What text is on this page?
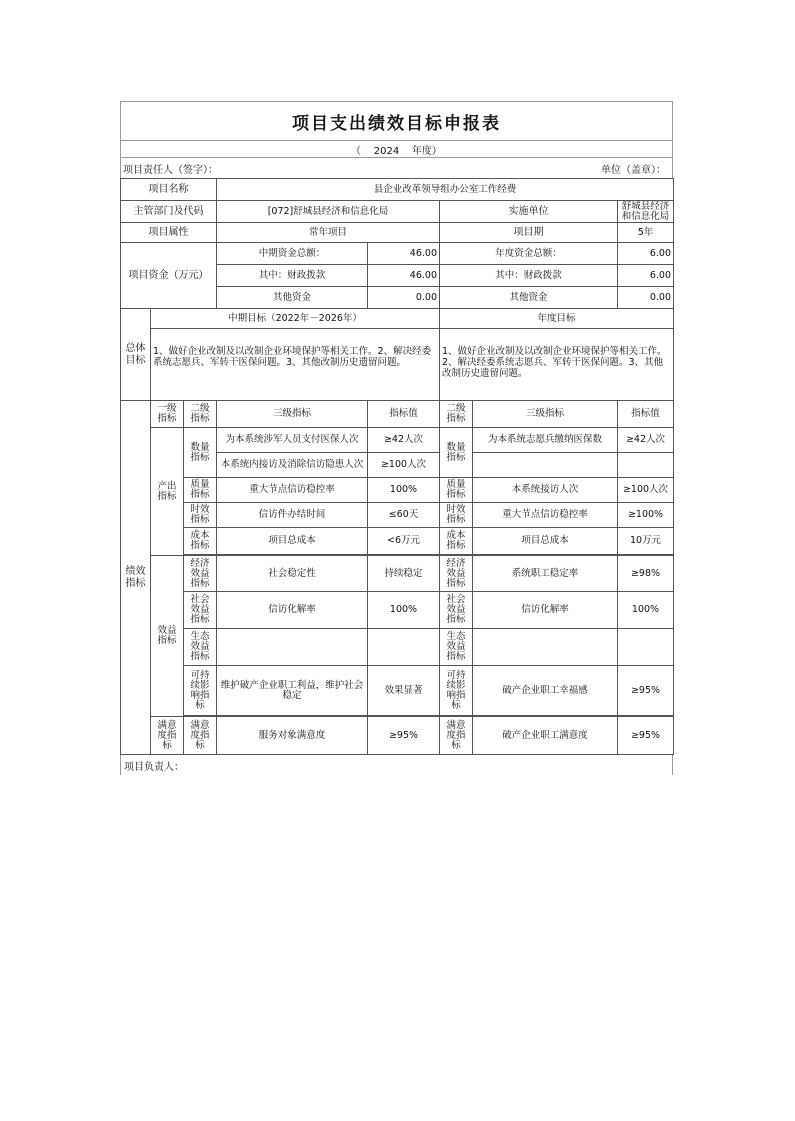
项目支出绩效目标申报表
（    2024    年度）
项目责任人（签字）：	单位（盖章）：
项目名称			县企业改革领导组办公室工作经费				
主管部门及代码			[072]舒城县经济和信息化局		实施单位		舒城县经济和信息化局
项目属性			常年项目		项目期		5年
项目资金（万元）			中期资金总额：	46.00	年度资金总额：		6.00
			其中：财政拨款	46.00	其中：财政拨款		6.00
			其他资金	0.00	其他资金		0.00
总体目标	中期目标（2022年－2026年）				年度目标		
	1、做好企业改制及以改制企业环境保护等相关工作。2、解决经委系统志愿兵、军转干医保问题。3、其他改制历史遗留问题。				1、做好企业改制及以改制企业环境保护等相关工作。2、解决经委系统志愿兵、军转干医保问题。3、其他改制历史遗留问题。		
绩效指标	一级指标	二级指标	三级指标	指标值	二级指标	三级指标	指标值
	产出指标	数量指标	为本系统涉军人员支付医保人次	≥42人次	数量指标	为本系统志愿兵缴纳医保数	≥42人次
			本系统内接访及消除信访隐患人次	≥100人次			
		质量指标	重大节点信访稳控率	100%	质量指标	本系统接访人次	≥100人次
		时效指标	信访件办结时间	≤60天	时效指标	重大节点信访稳控率	≥100%
		成本指标	项目总成本	<6万元	成本指标	项目总成本	10万元

	效益指标	经济效益指标	社会稳定性	持续稳定	经济效益指标	系统职工稳定率	≥98%
		社会效益指标	信访化解率	100%	社会效益指标	信访化解率	100%
		生态效益指标			生态效益指标		
		可持续影响指标	维护破产企业职工利益，维护社会稳定	效果显著	可持续影响指标	破产企业职工幸福感	≥95%

	满意度指标	满意度指标	服务对象满意度	≥95%	满意度指标	破产企业职工满意度	≥95%
项目负责人：
